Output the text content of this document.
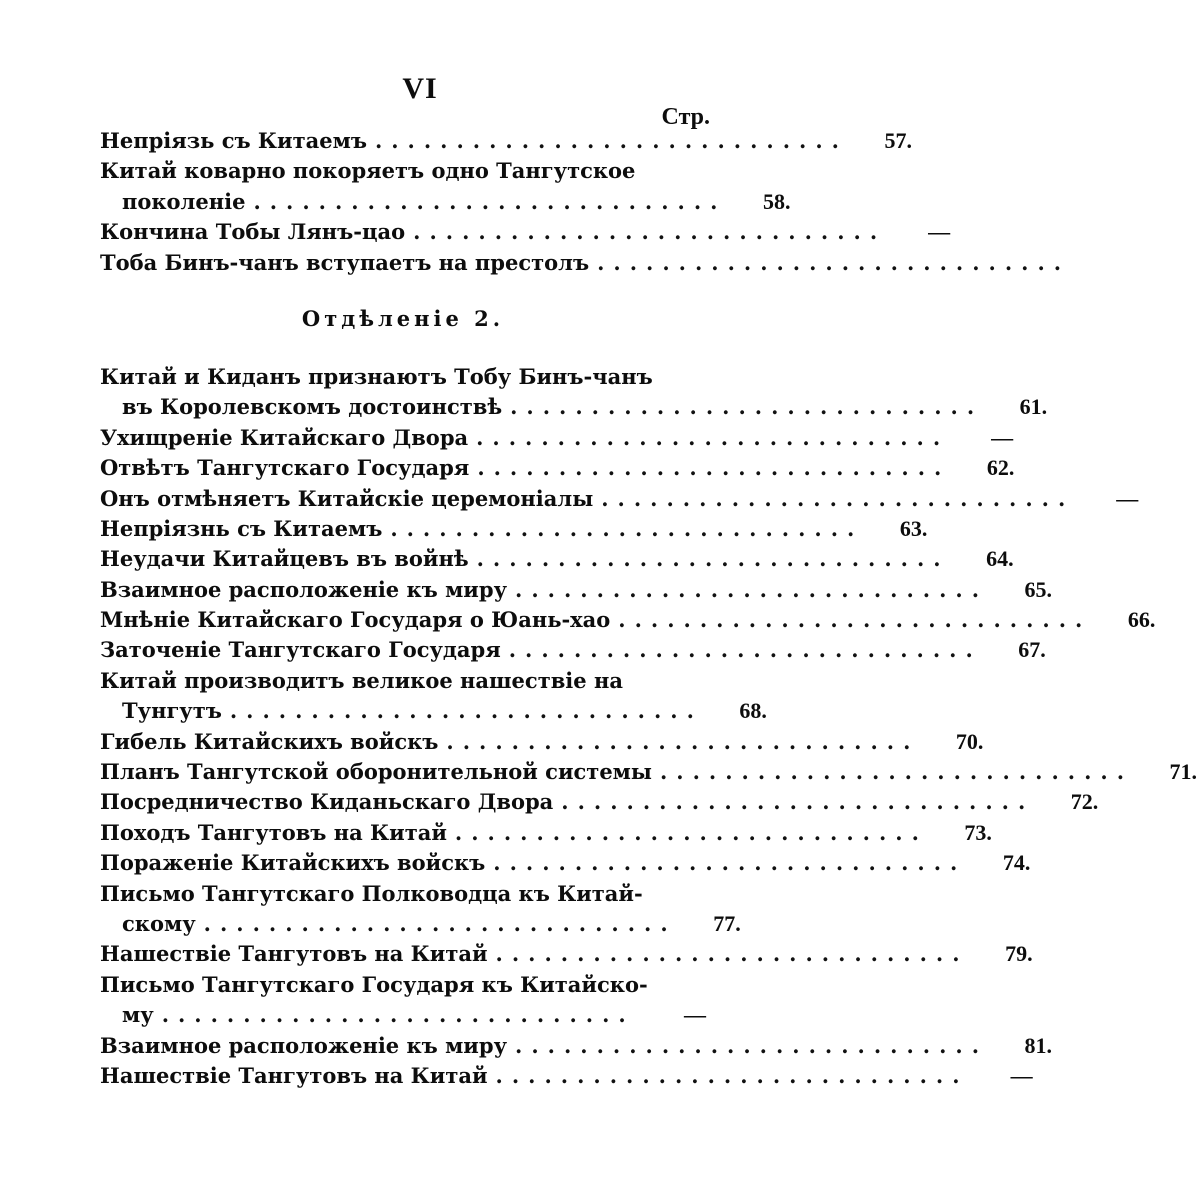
VI
Стр.
Непріязь съ Китаемъ .............................	57.
Китай коварно покоряетъ одно Тангутское
поколеніе .............................	58.
Кончина Тобы Лянъ-цао .............................	—
Тоба Бинъ-чанъ вступаетъ на престолъ .............................
Отдѣленіе 2.
Китай и Киданъ признаютъ Тобу Бинъ-чанъ
въ Королевскомъ достоинствѣ .............................	61.
Ухищреніе Китайскаго Двора .............................	—
Отвѣтъ Тангутскаго Государя .............................	62.
Онъ отмѣняетъ Китайскіе церемоніалы .............................	—
Непріязнь съ Китаемъ .............................	63.
Неудачи Китайцевъ въ войнѣ .............................	64.
Взаимное расположеніе къ миру .............................	65.
Мнѣніе Китайскаго Государя о Юань-хао .............................	66.
Заточеніе Тангутскаго Государя .............................	67.
Китай производитъ великое нашествіе на
Тунгутъ .............................	68.
Гибель Китайскихъ войскъ .............................	70.
Планъ Тангутской оборонительной системы .............................	71.
Посредничество Киданьскаго Двора .............................	72.
Походъ Тангутовъ на Китай .............................	73.
Пораженіе Китайскихъ войскъ .............................	74.
Письмо Тангутскаго Полководца къ Китай-
скому .............................	77.
Нашествіе Тангутовъ на Китай .............................	79.
Письмо Тангутскаго Государя къ Китайско-
му .............................	—
Взаимное расположеніе къ миру .............................	81.
Нашествіе Тангутовъ на Китай .............................	—
